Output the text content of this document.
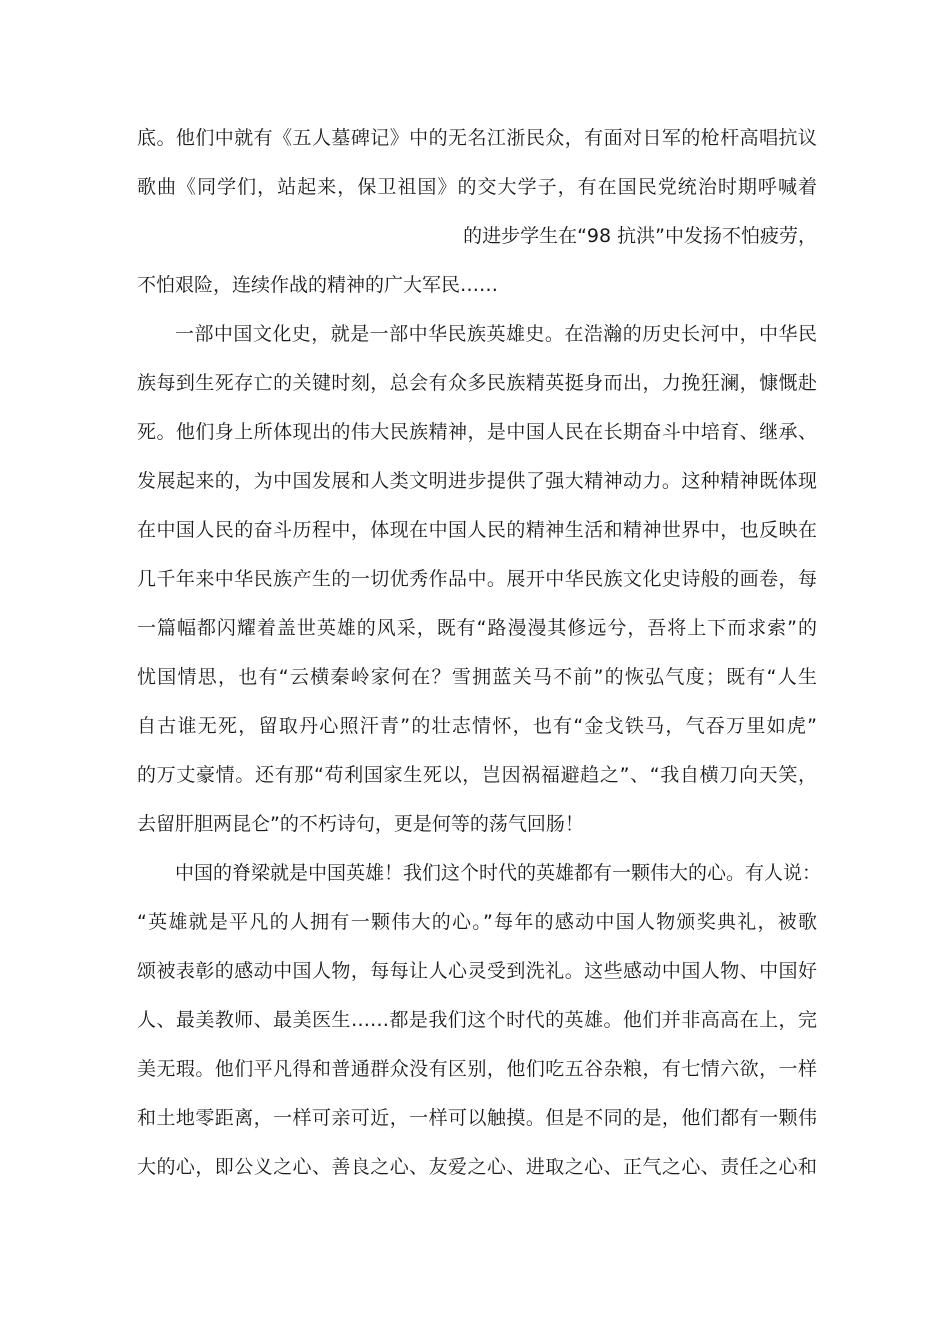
底。他们中就有《五人墓碑记》中的无名江浙民众，有面对日军的枪杆高唱抗议
歌曲《同学们，站起来，保卫祖国》的交大学子，有在国民党统治时期呼喊着
的进步学生在“98 抗洪”中发扬不怕疲劳，
不怕艰险，连续作战的精神的广大军民……
一部中国文化史，就是一部中华民族英雄史。在浩瀚的历史长河中，中华民
族每到生死存亡的关键时刻，总会有众多民族精英挺身而出，力挽狂澜，慷慨赴
死。他们身上所体现出的伟大民族精神，是中国人民在长期奋斗中培育、继承、
发展起来的，为中国发展和人类文明进步提供了强大精神动力。这种精神既体现
在中国人民的奋斗历程中，体现在中国人民的精神生活和精神世界中，也反映在
几千年来中华民族产生的一切优秀作品中。展开中华民族文化史诗般的画卷，每
一篇幅都闪耀着盖世英雄的风采，既有“路漫漫其修远兮，吾将上下而求索”的
忧国情思，也有“云横秦岭家何在？雪拥蓝关马不前”的恢弘气度；既有“人生
自古谁无死，留取丹心照汗青”的壮志情怀，也有“金戈铁马，气吞万里如虎”
的万丈豪情。还有那“苟利国家生死以，岂因祸福避趋之”、“我自横刀向天笑，
去留肝胆两昆仑”的不朽诗句，更是何等的荡气回肠！
中国的脊梁就是中国英雄！我们这个时代的英雄都有一颗伟大的心。有人说：
“英雄就是平凡的人拥有一颗伟大的心。”每年的感动中国人物颁奖典礼，被歌
颂被表彰的感动中国人物，每每让人心灵受到洗礼。这些感动中国人物、中国好
人、最美教师、最美医生……都是我们这个时代的英雄。他们并非高高在上，完
美无瑕。他们平凡得和普通群众没有区别，他们吃五谷杂粮，有七情六欲，一样
和土地零距离，一样可亲可近，一样可以触摸。但是不同的是，他们都有一颗伟
大的心，即公义之心、善良之心、友爱之心、进取之心、正气之心、责任之心和
